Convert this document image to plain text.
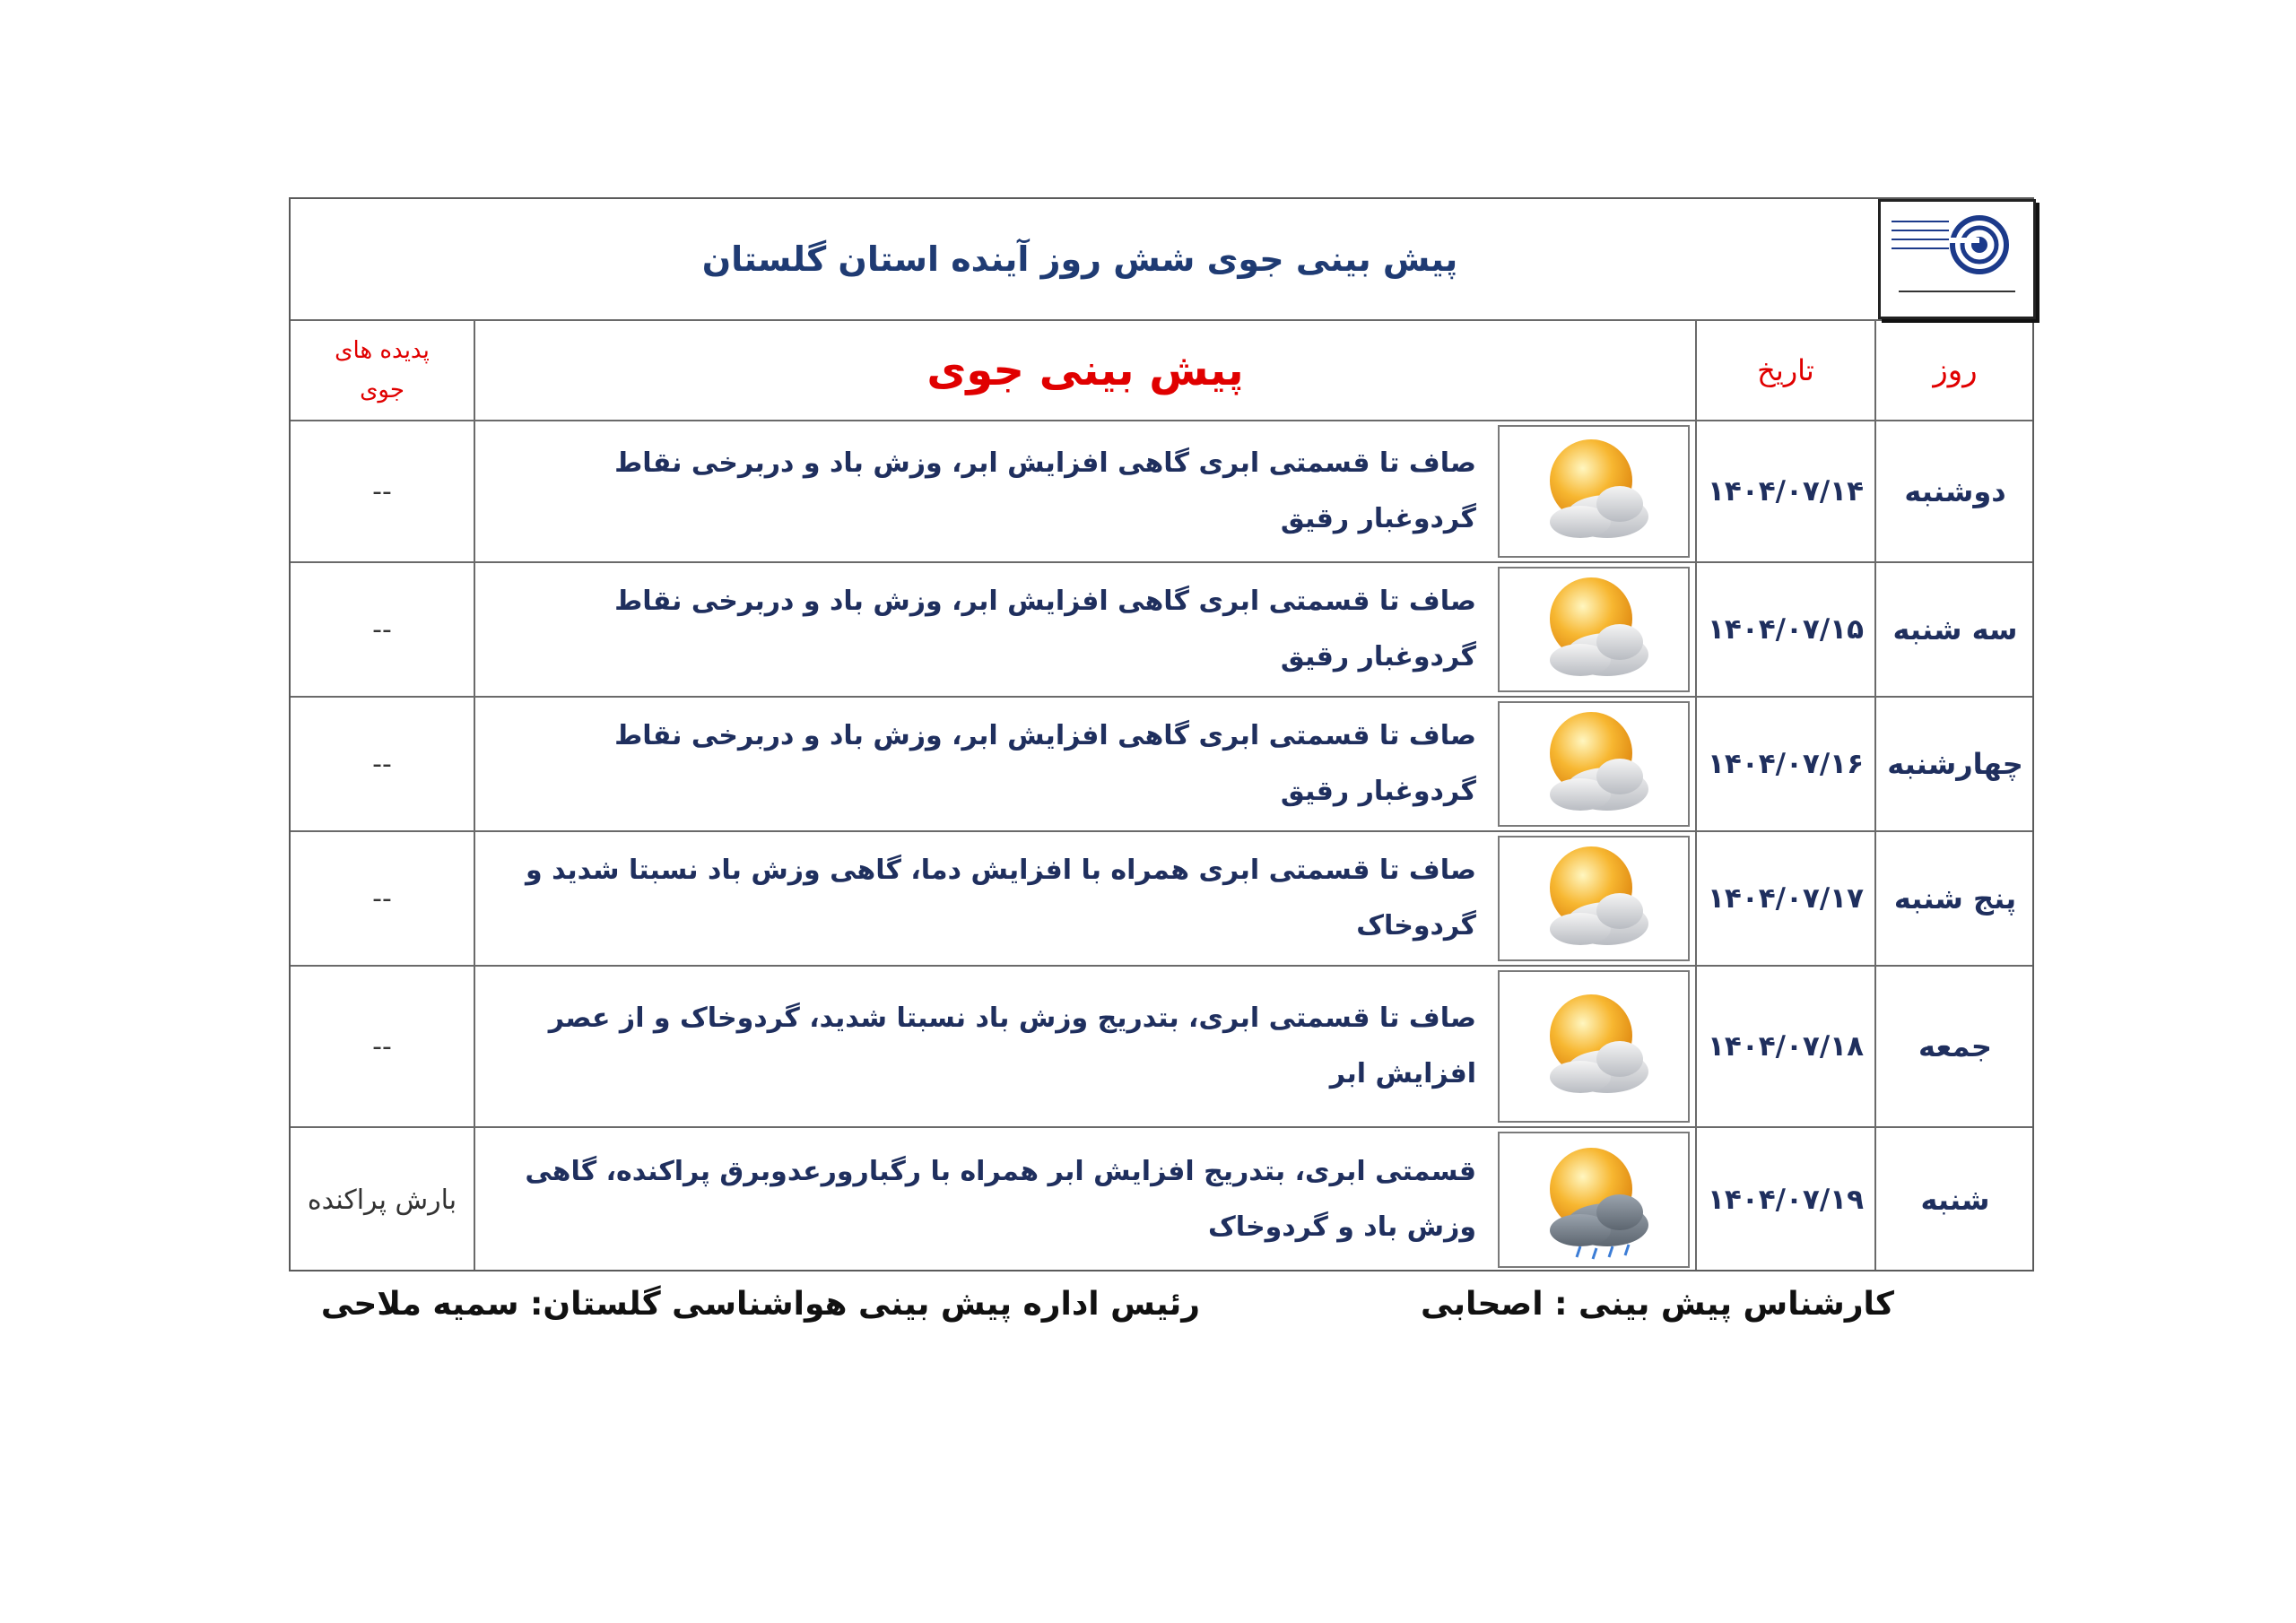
پیش بینی جوی شش روز آینده استان گلستان
روز
تاریخ
پیش بینی جوی
پدیده های
جوی
دوشنبه
۱۴۰۴/۰۷/۱۴
صاف تا قسمتی ابری گاهی افزایش ابر، وزش باد و دربرخی نقاط گردوغبار رقیق
--
سه شنبه
۱۴۰۴/۰۷/۱۵
صاف تا قسمتی ابری گاهی افزایش ابر، وزش باد و دربرخی نقاط گردوغبار رقیق
--
چهارشنبه
۱۴۰۴/۰۷/۱۶
صاف تا قسمتی ابری گاهی افزایش ابر، وزش باد و دربرخی نقاط گردوغبار رقیق
--
پنج شنبه
۱۴۰۴/۰۷/۱۷
صاف تا قسمتی ابری همراه با افزایش دما، گاهی وزش باد نسبتا شدید و گردوخاک
--
جمعه
۱۴۰۴/۰۷/۱۸
صاف تا قسمتی ابری، بتدریج وزش باد نسبتا شدید، گردوخاک و از عصر افزایش ابر
--
شنبه
۱۴۰۴/۰۷/۱۹
قسمتی ابری، بتدریج افزایش ابر همراه با رگبارورعدوبرق پراکنده، گاهی وزش باد و گردوخاک
بارش پراکنده
کارشناس پیش بینی : اصحابی
رئیس اداره پیش بینی هواشناسی گلستان: سمیه ملاحی
